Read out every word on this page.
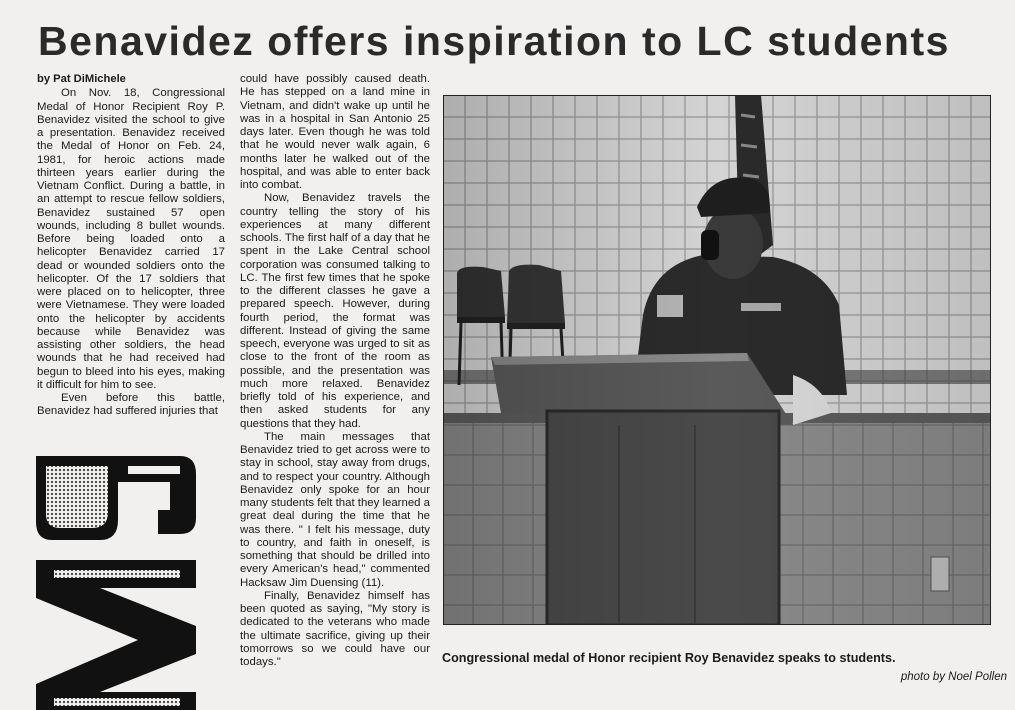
Benavidez offers inspiration to LC students
by Pat DiMichele

On Nov. 18, Congressional Medal of Honor Recipient Roy P. Benavidez visited the school to give a presentation. Benavidez received the Medal of Honor on Feb. 24, 1981, for heroic actions made thirteen years earlier during the Vietnam Conflict. During a battle, in an attempt to rescue fellow soldiers, Benavidez sustained 57 open wounds, including 8 bullet wounds. Before being loaded onto a helicopter Benavidez carried 17 dead or wounded soldiers onto the helicopter. Of the 17 soldiers that were placed on to helicopter, three were Vietnamese. They were loaded onto the helicopter by accidents because while Benavidez was assisting other soldiers, the head wounds that he had received had begun to bleed into his eyes, making it difficult for him to see.

Even before this battle, Benavidez had suffered injuries that

could have possibly caused death. He has stepped on a land mine in Vietnam, and didn't wake up until he was in a hospital in San Antonio 25 days later. Even though he was told that he would never walk again, 6 months later he walked out of the hospital, and was able to enter back into combat.

Now, Benavidez travels the country telling the story of his experiences at many different schools. The first half of a day that he spent in the Lake Central school corporation was consumed talking to LC. The first few times that he spoke to the different classes he gave a prepared speech. However, during fourth period, the format was different. Instead of giving the same speech, everyone was urged to sit as close to the front of the room as possible, and the presentation was much more relaxed. Benavidez briefly told of his experience, and then asked students for any questions that they had.

The main messages that Benavidez tried to get across were to stay in school, stay away from drugs, and to respect your country. Although Benavidez only spoke for an hour many students felt that they learned a great deal during the time that he was there. " I felt his message, duty to country, and faith in oneself, is something that should be drilled into every American's head," commented Hacksaw Jim Duensing (11).

Finally, Benavidez himself has been quoted as saying, "My story is dedicated to the veterans who made the ultimate sacrifice, giving up their tomorrows so we could have our todays."	Congressional medal of Honor recipient Roy Benavidez speaks to students.

photo by Noel Pollen
